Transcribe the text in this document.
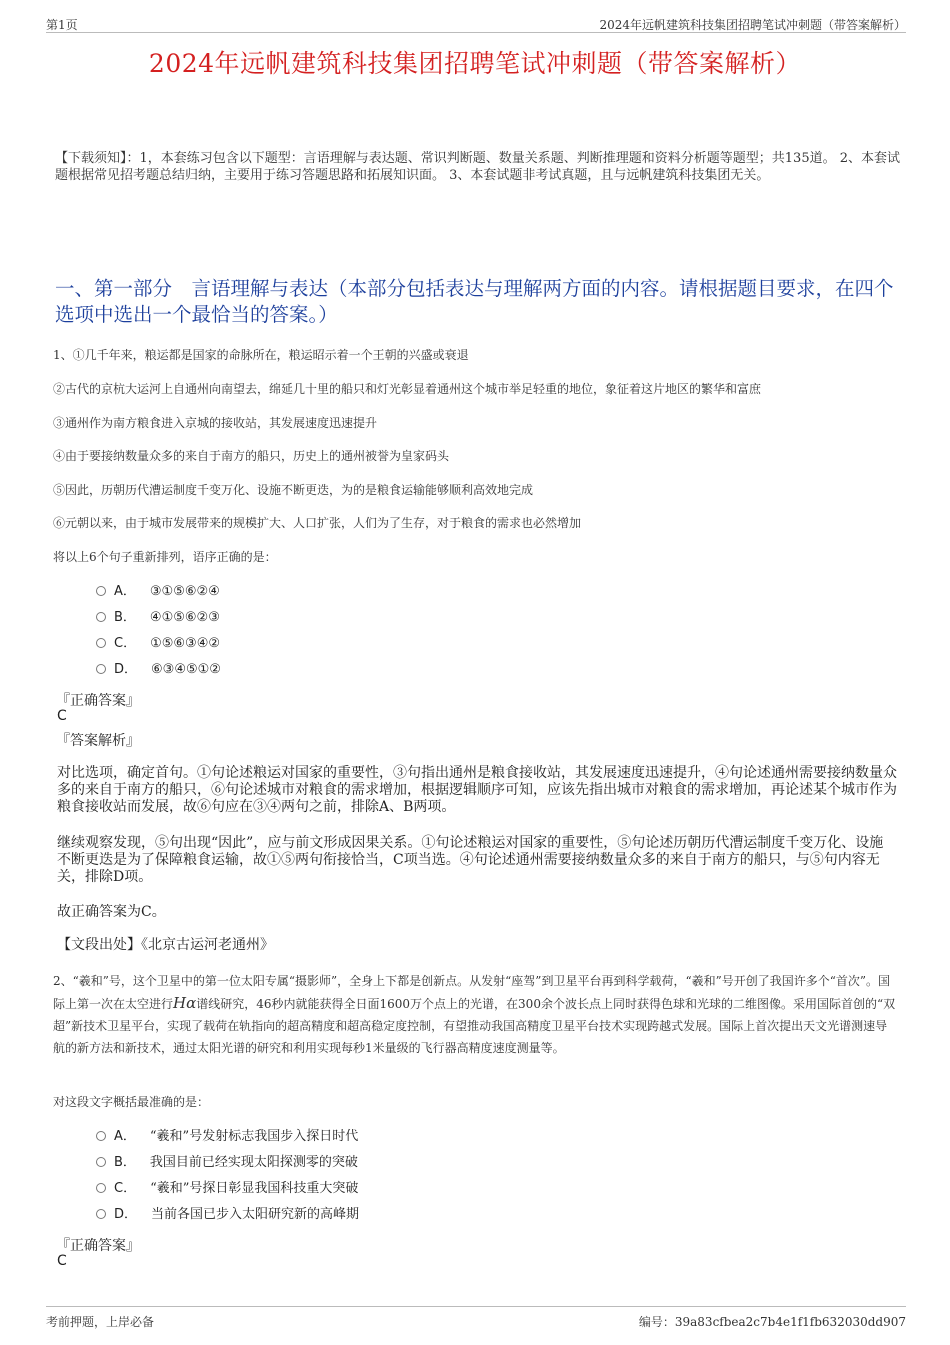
第1页	2024年远帆建筑科技集团招聘笔试冲刺题（带答案解析）
2024年远帆建筑科技集团招聘笔试冲刺题（带答案解析）
【下载须知】：1，本套练习包含以下题型：言语理解与表达题、常识判断题、数量关系题、判断推理题和资料分析题等题型；共135道。 2、本套试题根据常见招考题总结归纳，主要用于练习答题思路和拓展知识面。 3、本套试题非考试真题，且与远帆建筑科技集团无关。
一、第一部分　言语理解与表达（本部分包括表达与理解两方面的内容。请根据题目要求，在四个选项中选出一个最恰当的答案。）
1、①几千年来，粮运都是国家的命脉所在，粮运昭示着一个王朝的兴盛或衰退
②古代的京杭大运河上自通州向南望去，绵延几十里的船只和灯光彰显着通州这个城市举足轻重的地位，象征着这片地区的繁华和富庶
③通州作为南方粮食进入京城的接收站，其发展速度迅速提升
④由于要接纳数量众多的来自于南方的船只，历史上的通州被誉为皇家码头
⑤因此，历朝历代漕运制度千变万化、设施不断更迭，为的是粮食运输能够顺利高效地完成
⑥元朝以来，由于城市发展带来的规模扩大、人口扩张，人们为了生存，对于粮食的需求也必然增加
将以上6个句子重新排列，语序正确的是：
A． ③①⑤⑥②④
B． ④①⑤⑥②③
C． ①⑤⑥③④②
D． ⑥③④⑤①②
『正确答案』
C
『答案解析』
对比选项，确定首句。①句论述粮运对国家的重要性，③句指出通州是粮食接收站，其发展速度迅速提升，④句论述通州需要接纳数量众多的来自于南方的船只，⑥句论述城市对粮食的需求增加，根据逻辑顺序可知，应该先指出城市对粮食的需求增加，再论述某个城市作为粮食接收站而发展，故⑥句应在③④两句之前，排除A、B两项。
继续观察发现，⑤句出现“因此”，应与前文形成因果关系。①句论述粮运对国家的重要性，⑤句论述历朝历代漕运制度千变万化、设施不断更迭是为了保障粮食运输，故①⑤两句衔接恰当，C项当选。④句论述通州需要接纳数量众多的来自于南方的船只，与⑤句内容无关，排除D项。
故正确答案为C。
【文段出处】《北京古运河老通州》
2、“羲和”号，这个卫星中的第一位太阳专属“摄影师”，全身上下都是创新点。从发射“座驾”到卫星平台再到科学载荷，“羲和”号开创了我国许多个“首次”。国际上第一次在太空进行Hα谱线研究，46秒内就能获得全日面1600万个点上的光谱，在300余个波长点上同时获得色球和光球的二维图像。采用国际首创的“双超”新技术卫星平台，实现了载荷在轨指向的超高精度和超高稳定度控制，有望推动我国高精度卫星平台技术实现跨越式发展。国际上首次提出天文光谱测速导航的新方法和新技术，通过太阳光谱的研究和利用实现每秒1米量级的飞行器高精度速度测量等。
对这段文字概括最准确的是：
A． “羲和”号发射标志我国步入探日时代
B． 我国目前已经实现太阳探测零的突破
C． “羲和”号探日彰显我国科技重大突破
D． 当前各国已步入太阳研究新的高峰期
『正确答案』
C
考前押题，上岸必备	编号：39a83cfbea2c7b4e1f1fb632030dd907
